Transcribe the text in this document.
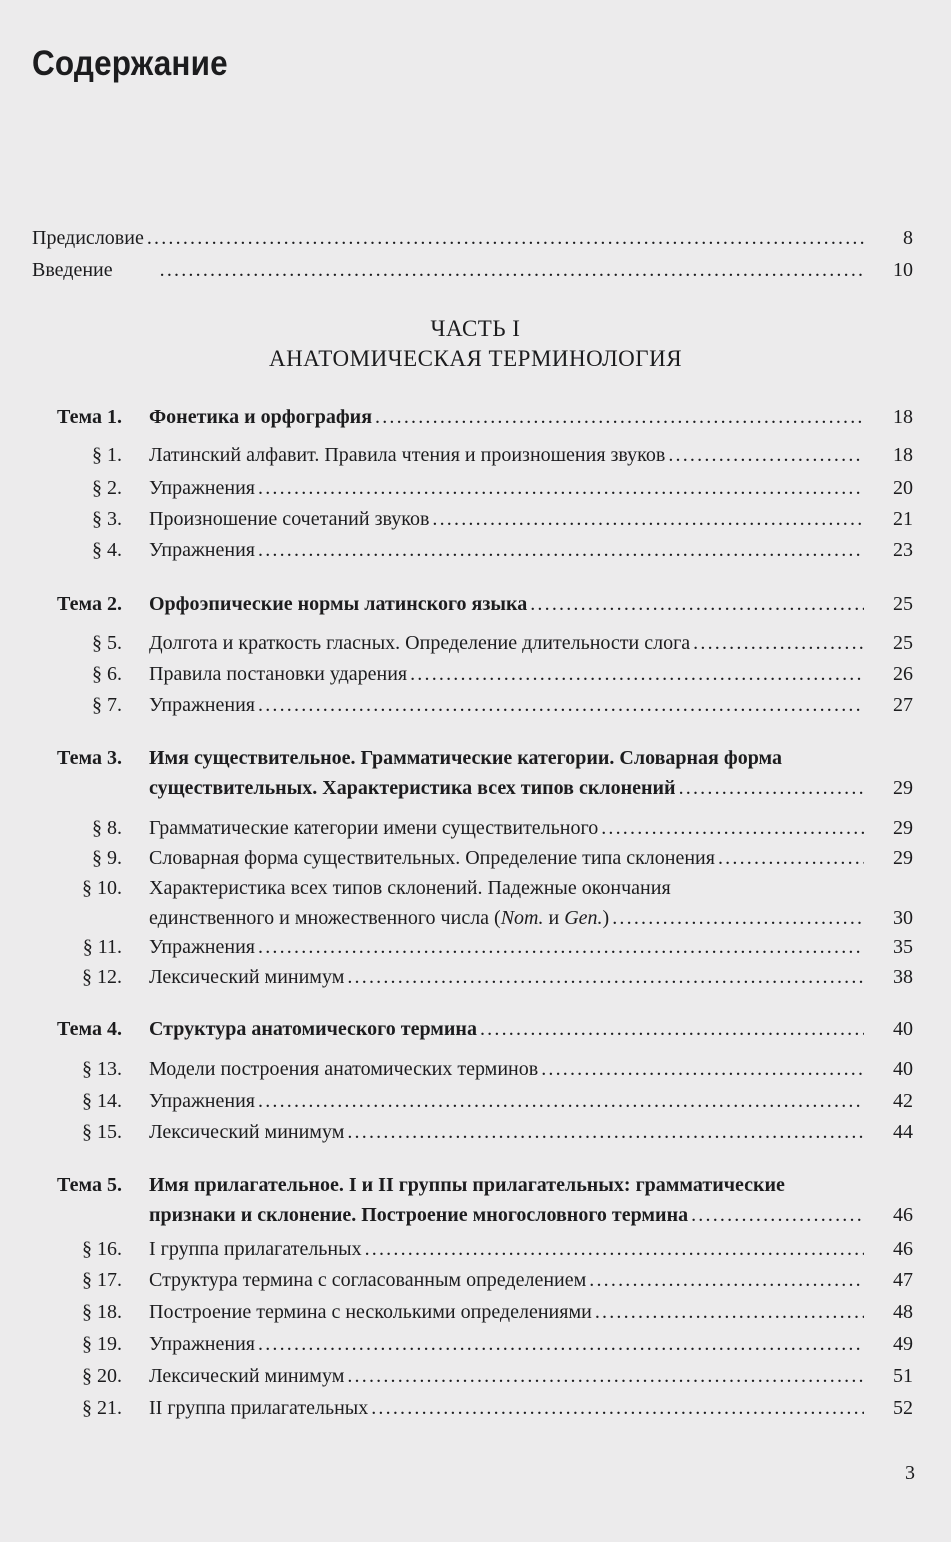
Содержание
Предисловие .....	8
Введение .....	10
ЧАСТЬ I
АНАТОМИЧЕСКАЯ ТЕРМИНОЛОГИЯ
Тема 1. Фонетика и орфография .....	18
§ 1. Латинский алфавит. Правила чтения и произношения звуков .....	18
§ 2. Упражнения .....	20
§ 3. Произношение сочетаний звуков .....	21
§ 4. Упражнения .....	23
Тема 2. Орфоэпические нормы латинского языка .....	25
§ 5. Долгота и краткость гласных. Определение длительности слога .....	25
§ 6. Правила постановки ударения .....	26
§ 7. Упражнения .....	27
Тема 3. Имя существительное. Грамматические категории. Словарная форма
существительных. Характеристика всех типов склонений .....	29
§ 8. Грамматические категории имени существительного .....	29
§ 9. Словарная форма существительных. Определение типа склонения .....	29
§ 10. Характеристика всех типов склонений. Падежные окончания
единственного и множественного числа ( Nom. и Gen. ) .....	30
§ 11. Упражнения .....	35
§ 12. Лексический минимум .....	38
Тема 4. Структура анатомического термина .....	40
§ 13. Модели построения анатомических терминов .....	40
§ 14. Упражнения .....	42
§ 15. Лексический минимум .....	44
Тема 5. Имя прилагательное. I и II группы прилагательных: грамматические
признаки и склонение. Построение многословного термина .....	46
§ 16. I группа прилагательных .....	46
§ 17. Структура термина с согласованным определением .....	47
§ 18. Построение термина с несколькими определениями .....	48
§ 19. Упражнения .....	49
§ 20. Лексический минимум .....	51
§ 21. II группа прилагательных .....	52
3
